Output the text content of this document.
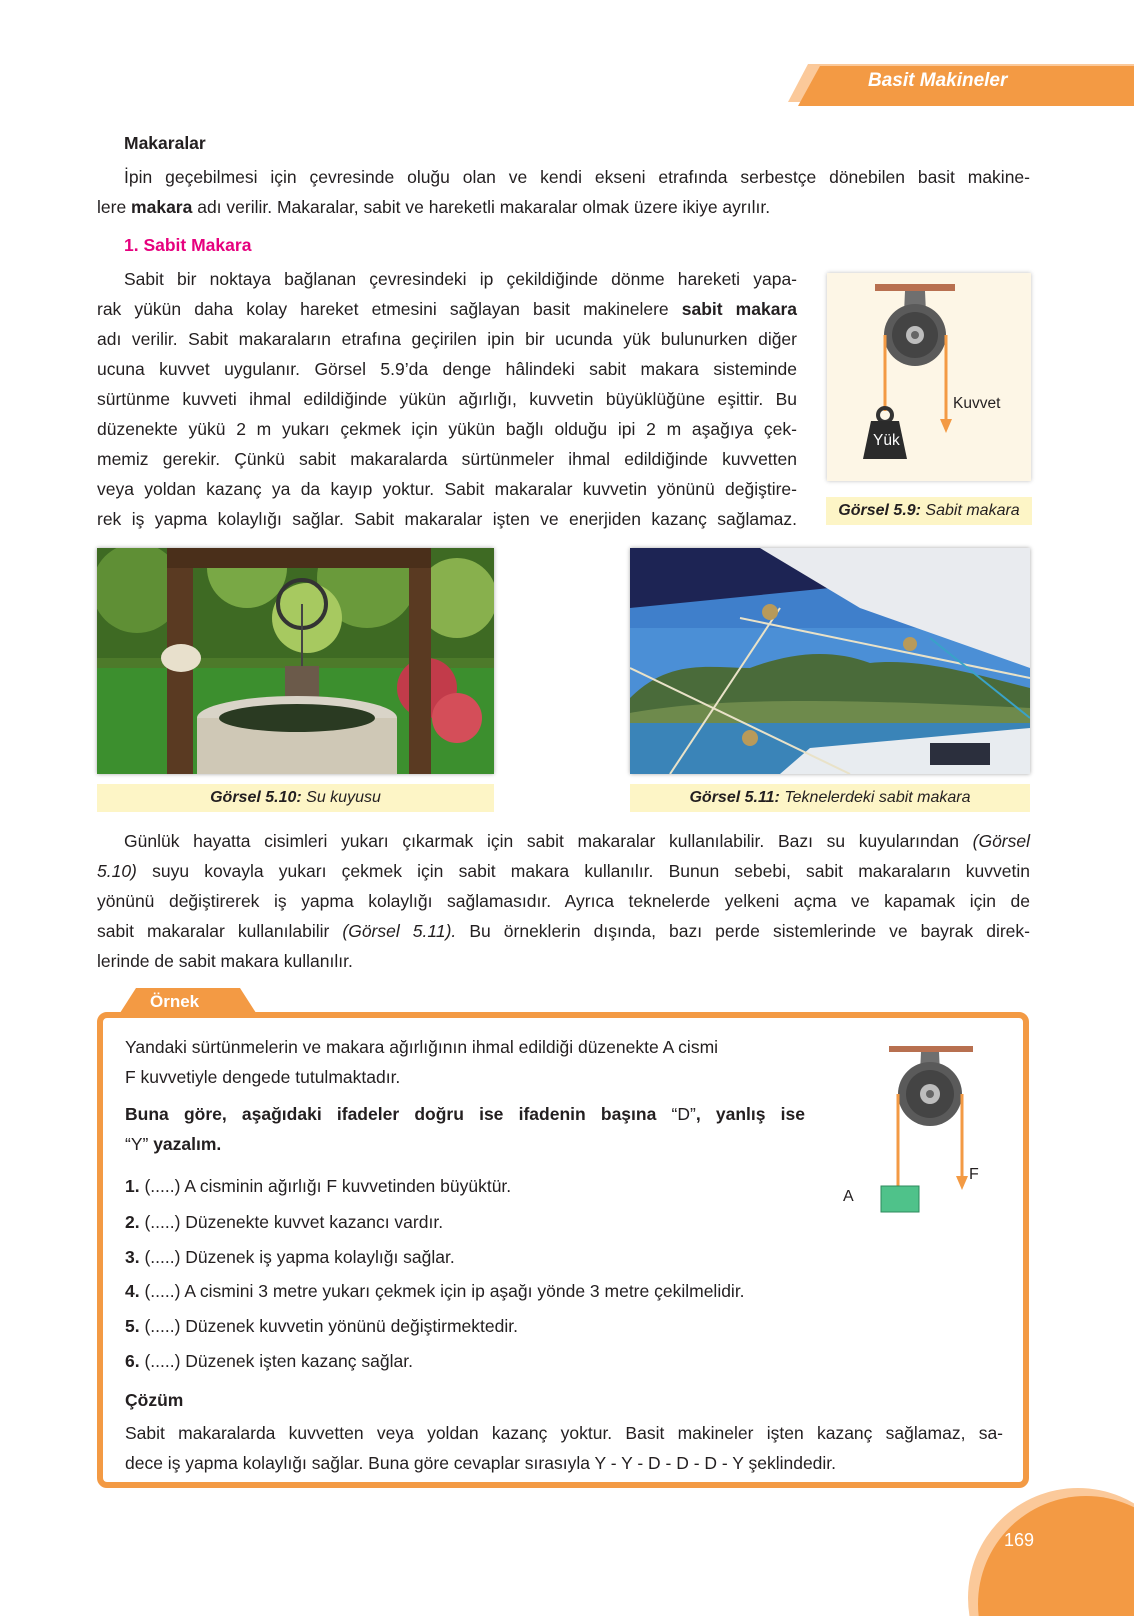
Basit Makineler
Makaralar
İpin geçebilmesi için çevresinde oluğu olan ve kendi ekseni etrafında serbestçe dönebilen basit makine-
lere makara adı verilir. Makaralar, sabit ve hareketli makaralar olmak üzere ikiye ayrılır.
1. Sabit Makara
Sabit bir noktaya bağlanan çevresindeki ip çekildiğinde dönme hareketi yapa-
rak yükün daha kolay hareket etmesini sağlayan basit makinelere sabit makara
adı verilir. Sabit makaraların etrafına geçirilen ipin bir ucunda yük bulunurken diğer
ucuna kuvvet uygulanır. Görsel 5.9’da denge hâlindeki sabit makara sisteminde
sürtünme kuvveti ihmal edildiğinde yükün ağırlığı, kuvvetin büyüklüğüne eşittir. Bu
düzenekte yükü 2 m yukarı çekmek için yükün bağlı olduğu ipi 2 m aşağıya çek-
memiz gerekir. Çünkü sabit makaralarda sürtünmeler ihmal edildiğinde kuvvetten
veya yoldan kazanç ya da kayıp yoktur. Sabit makaralar kuvvetin yönünü değiştire-
rek iş yapma kolaylığı sağlar. Sabit makaralar işten ve enerjiden kazanç sağlamaz.
Kuvvet
Yük
Görsel 5.9: Sabit makara
Görsel 5.10: Su kuyusu	Görsel 5.11: Teknelerdeki sabit makara
Günlük hayatta cisimleri yukarı çıkarmak için sabit makaralar kullanılabilir. Bazı su kuyularından (Görsel
5.10) suyu kovayla yukarı çekmek için sabit makara kullanılır. Bunun sebebi, sabit makaraların kuvvetin
yönünü değiştirerek iş yapma kolaylığı sağlamasıdır. Ayrıca teknelerde yelkeni açma ve kapamak için de
sabit makaralar kullanılabilir (Görsel 5.11). Bu örneklerin dışında, bazı perde sistemlerinde ve bayrak direk-
lerinde de sabit makara kullanılır.
Örnek
Yandaki sürtünmelerin ve makara ağırlığının ihmal edildiği düzenekte A cismi
F kuvvetiyle dengede tutulmaktadır.
Buna göre, aşağıdaki ifadeler doğru ise ifadenin başına “D”, yanlış ise
“Y” yazalım.
1. (.....) A cisminin ağırlığı F kuvvetinden büyüktür.
2. (.....) Düzenekte kuvvet kazancı vardır.
3. (.....) Düzenek iş yapma kolaylığı sağlar.
4. (.....) A cismini 3 metre yukarı çekmek için ip aşağı yönde 3 metre çekilmelidir.
5. (.....) Düzenek kuvvetin yönünü değiştirmektedir.
6. (.....) Düzenek işten kazanç sağlar.
Çözüm
Sabit makaralarda kuvvetten veya yoldan kazanç yoktur. Basit makineler işten kazanç sağlamaz, sa-
dece iş yapma kolaylığı sağlar. Buna göre cevaplar sırasıyla Y - Y - D - D - D - Y şeklindedir.
A
F
169
